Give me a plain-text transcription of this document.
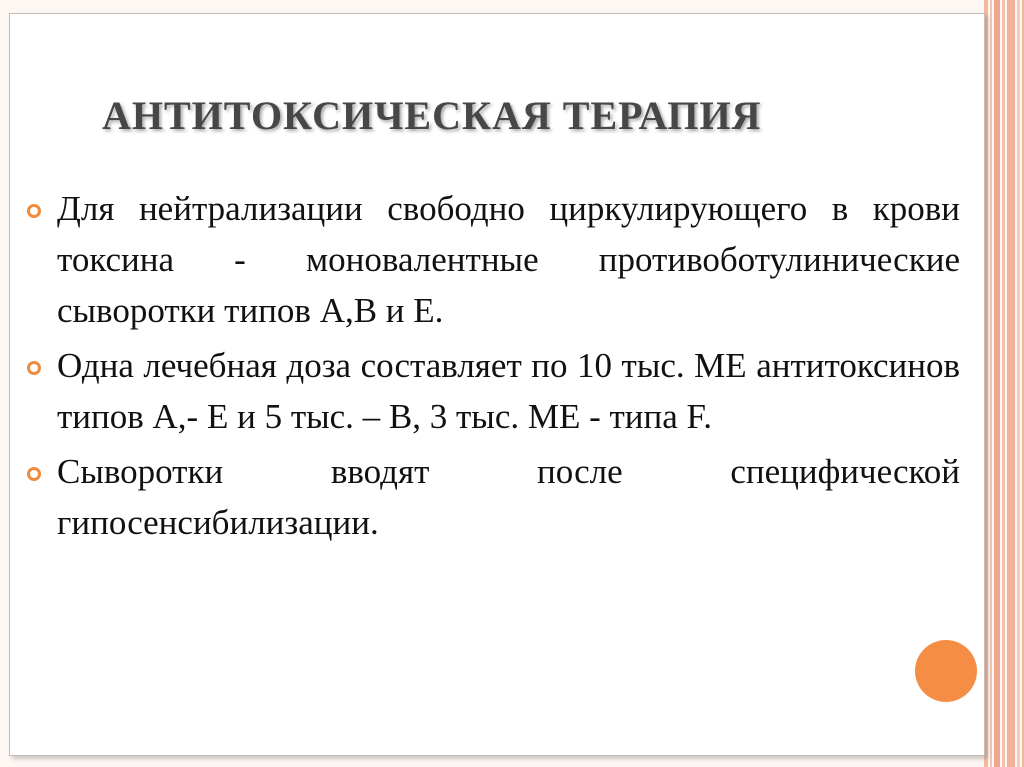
АНТИТОКСИЧЕСКАЯ ТЕРАПИЯ
Для нейтрализации свободно циркулирующего в крови токсина - моновалентные противоботулинические сыворотки типов А,В и Е.
Одна лечебная доза составляет по 10 тыс. МЕ антитоксинов типов А,- Е и 5 тыс. – В, 3 тыс. МЕ - типа F.
Сыворотки вводят после специфической гипосенсибилизации.
